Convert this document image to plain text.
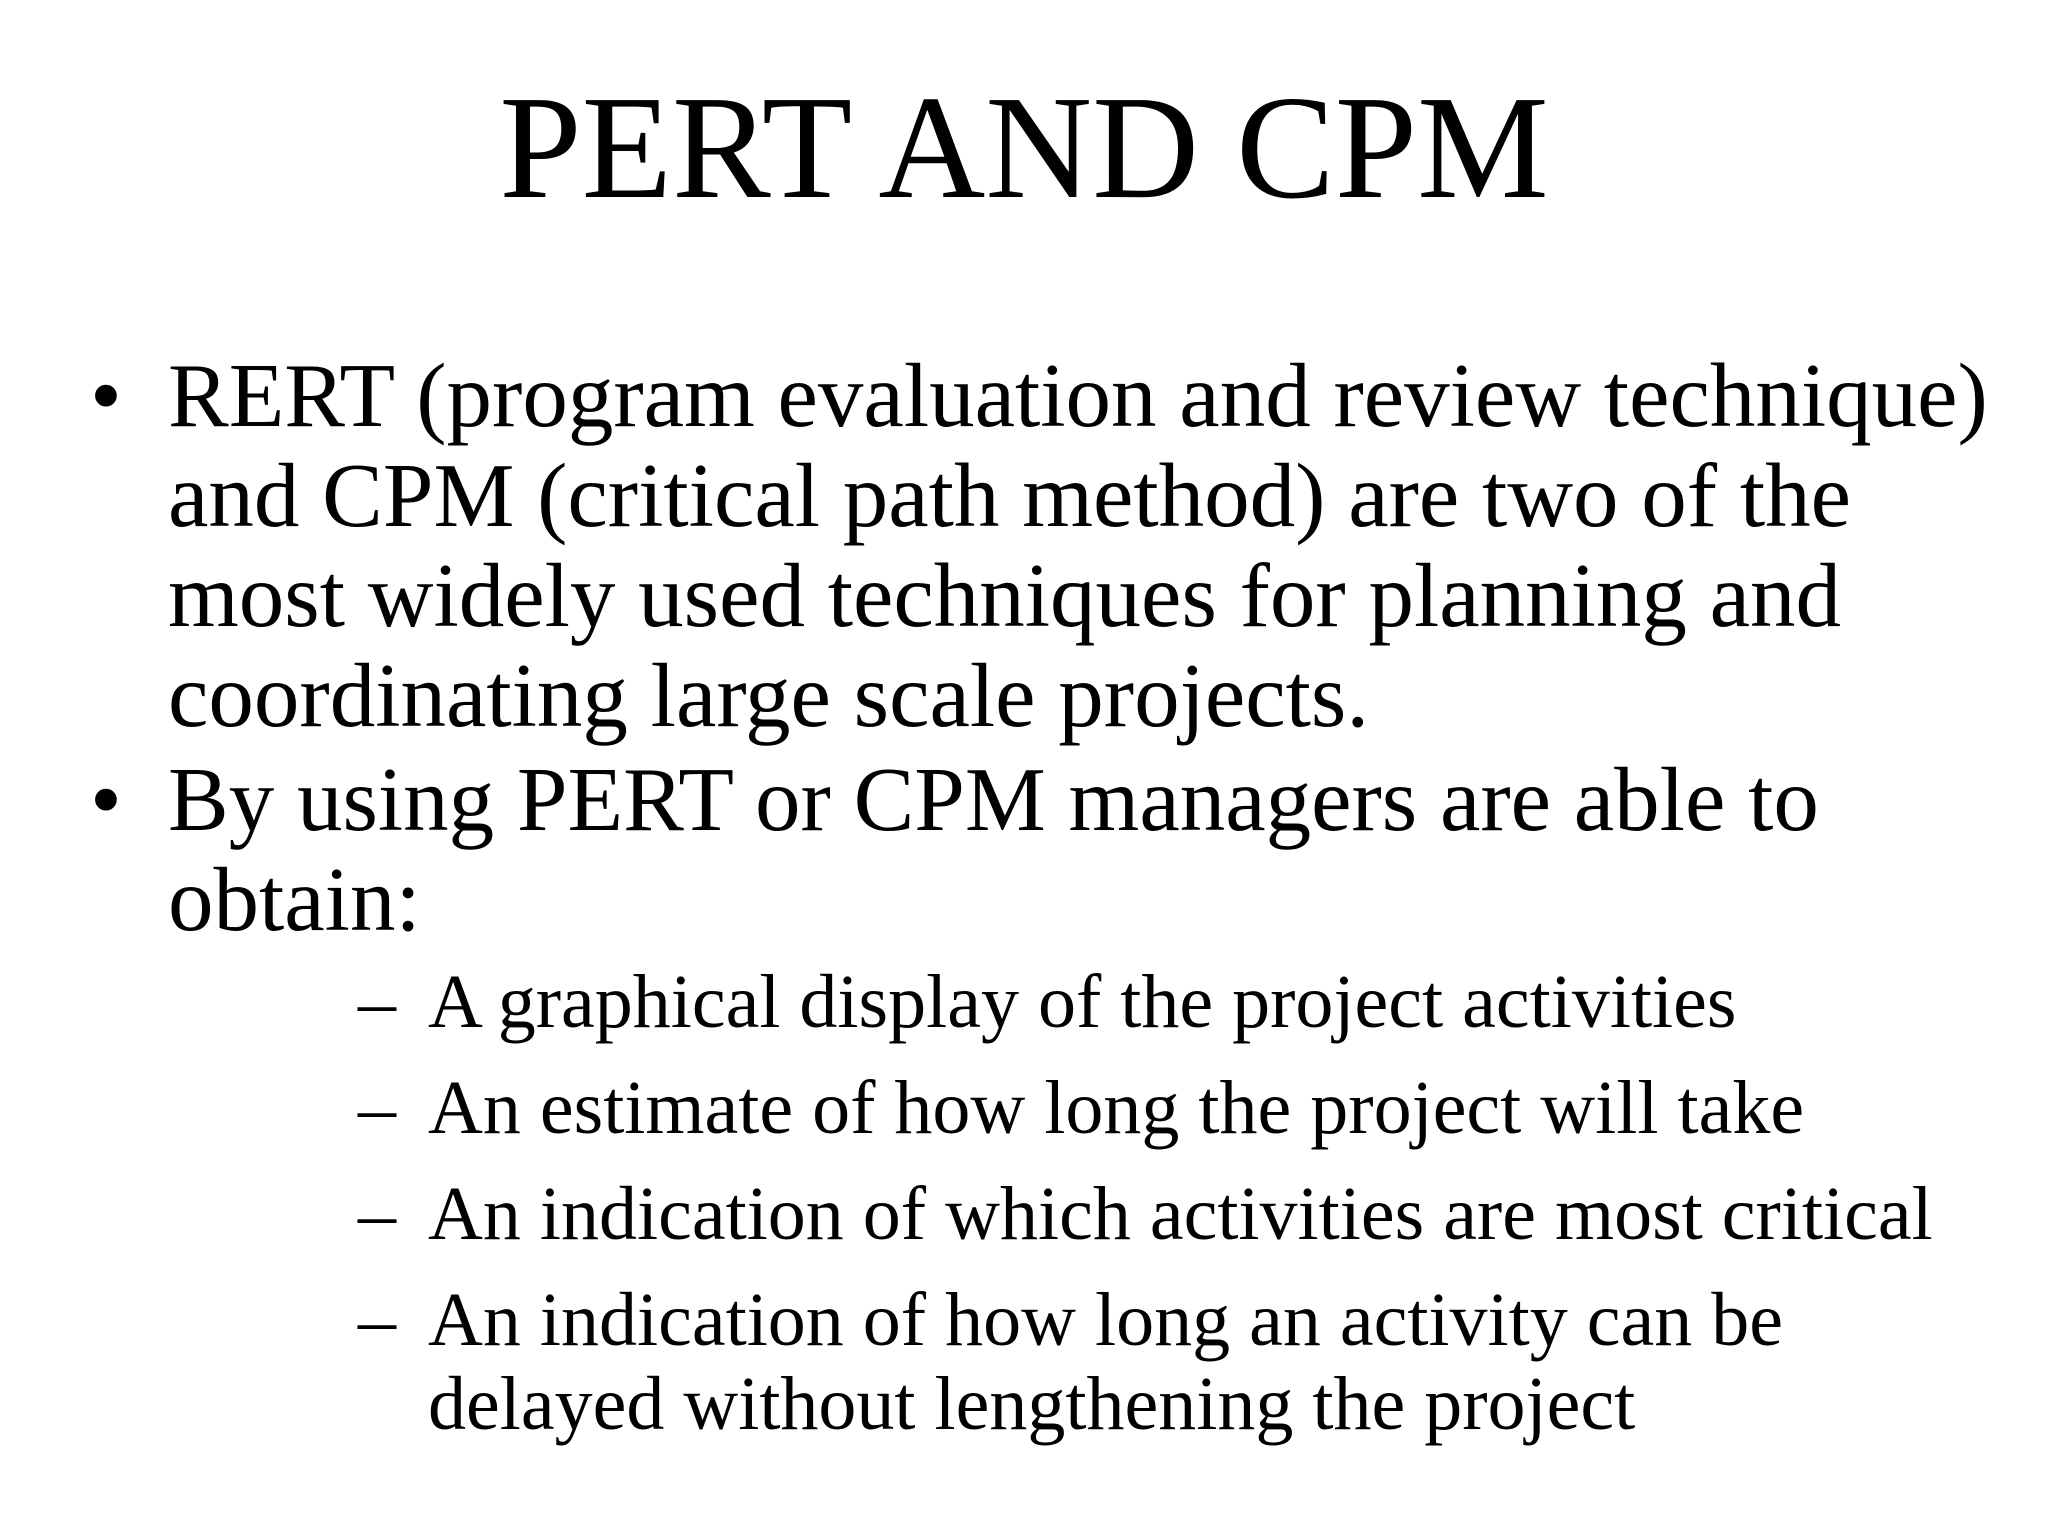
PERT AND CPM
• RERT (program evaluation and review technique) and CPM (critical path method) are two of the most widely used techniques for planning and coordinating large scale projects.
• By using PERT or CPM managers are able to obtain:
– A graphical display of the project activities
– An estimate of how long the project will take
– An indication of which activities are most critical
– An indication of how long an activity can be delayed without lengthening the project
